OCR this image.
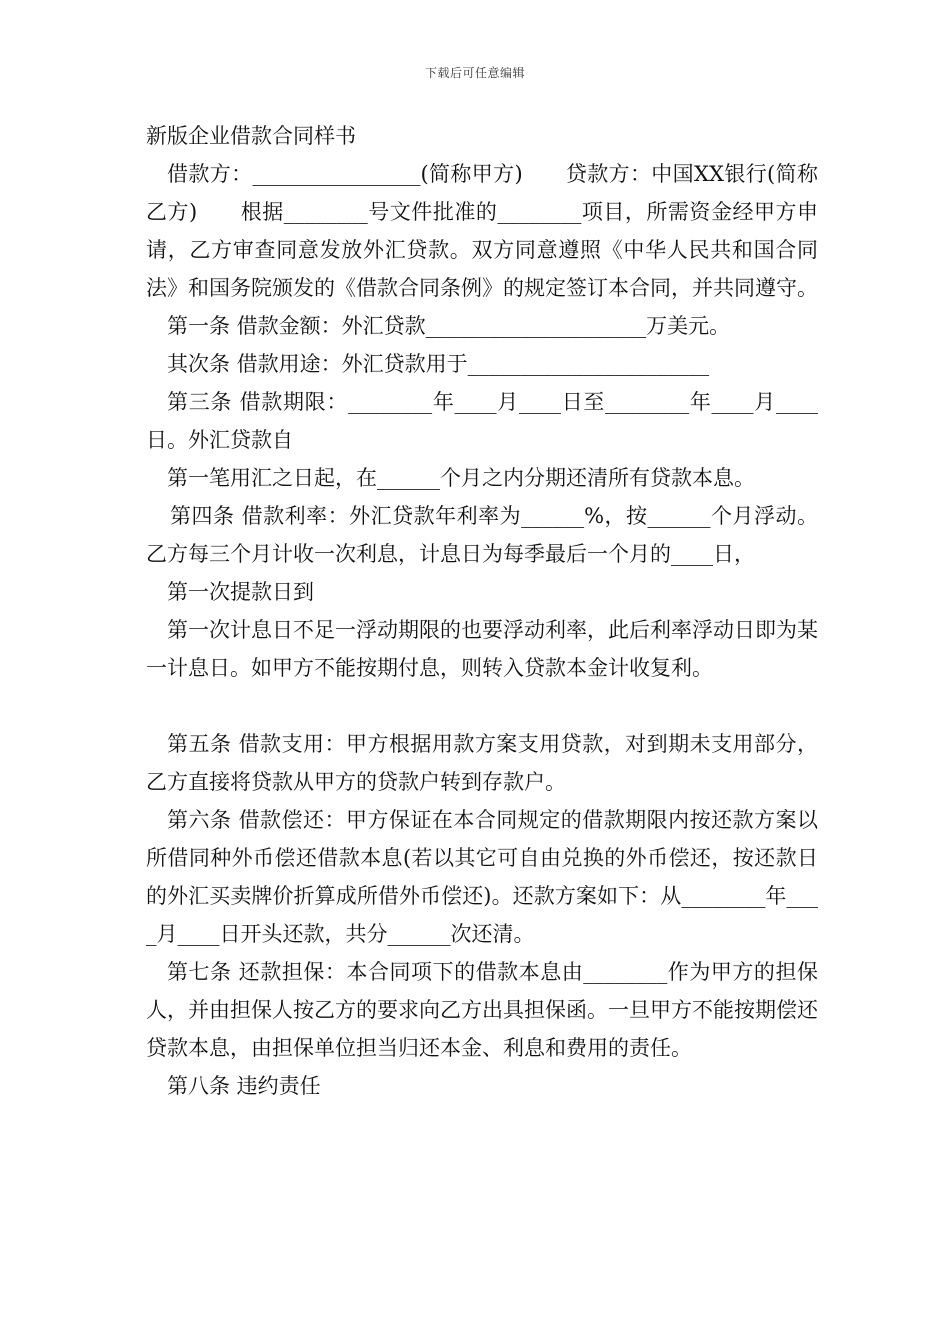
下载后可任意编辑

新版企业借款合同样书

借款方：________________(简称甲方)　　贷款方：中国XX银行(简称乙方)　　根据________号文件批准的________项目，所需资金经甲方申请，乙方审查同意发放外汇贷款。双方同意遵照《中华人民共和国合同法》和国务院颁发的《借款合同条例》的规定签订本合同，并共同遵守。

第一条 借款金额：外汇贷款_____________________万美元。

其次条 借款用途：外汇贷款用于_______________________

第三条 借款期限：________年____月____日至________年____月____日。外汇贷款自

第一笔用汇之日起，在______个月之内分期还清所有贷款本息。

第四条 借款利率：外汇贷款年利率为______%，按______个月浮动。乙方每三个月计收一次利息，计息日为每季最后一个月的____日，

第一次提款日到

第一次计息日不足一浮动期限的也要浮动利率，此后利率浮动日即为某一计息日。如甲方不能按期付息，则转入贷款本金计收复利。

第五条 借款支用：甲方根据用款方案支用贷款，对到期未支用部分，乙方直接将贷款从甲方的贷款户转到存款户。

第六条 借款偿还：甲方保证在本合同规定的借款期限内按还款方案以所借同种外币偿还借款本息(若以其它可自由兑换的外币偿还，按还款日的外汇买卖牌价折算成所借外币偿还)。还款方案如下：从________年____月____日开头还款，共分______次还清。

第七条 还款担保：本合同项下的借款本息由________作为甲方的担保人，并由担保人按乙方的要求向乙方出具担保函。一旦甲方不能按期偿还贷款本息，由担保单位担当归还本金、利息和费用的责任。

第八条 违约责任
